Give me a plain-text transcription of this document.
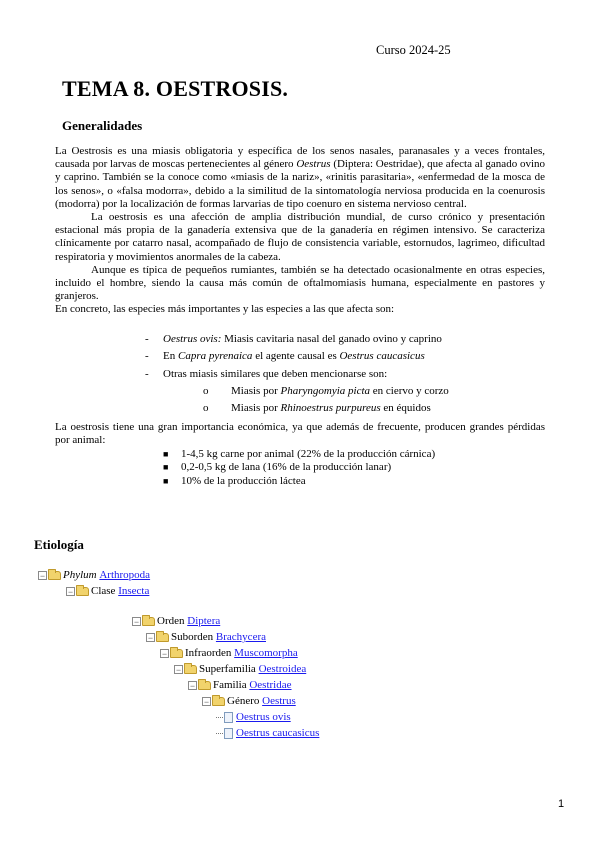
Curso 2024-25
TEMA 8. OESTROSIS.
Generalidades

La Oestrosis es una miasis obligatoria y específica de los senos nasales, paranasales y a veces frontales, causada por larvas de moscas pertenecientes al género Oestrus (Diptera: Oestridae), que afecta al ganado ovino y caprino. También se la conoce como «miasis de la nariz», «rinitis parasitaria», «enfermedad de la mosca de los senos», o «falsa modorra», debido a la similitud de la sintomatología nerviosa producida en la coenurosis (modorra) por la localización de formas larvarias de tipo coenuro en sistema nervioso central.

La oestrosis es una afección de amplia distribución mundial, de curso crónico y presentación estacional más propia de la ganadería extensiva que de la ganadería en régimen intensivo. Se caracteriza clínicamente por catarro nasal, acompañado de flujo de consistencia variable, estornudos, lagrimeo, dificultad respiratoria y movimientos anormales de la cabeza.

Aunque es típica de pequeños rumiantes, también se ha detectado ocasionalmente en otras especies, incluido el hombre, siendo la causa más común de oftalmomiasis humana, especialmente en pastores y granjeros.

En concreto, las especies más importantes y las especies a las que afecta son:

- Oestrus ovis: Miasis cavitaria nasal del ganado ovino y caprino
- En Capra pyrenaica el agente causal es Oestrus caucasicus
- Otras miasis similares que deben mencionarse son:
o Miasis por Pharyngomyia picta en ciervo y corzo
o Miasis por Rhinoestrus purpureus en équidos

La oestrosis tiene una gran importancia económica, ya que además de frecuente, producen grandes pérdidas por animal:

■ 1-4,5 kg carne por animal (22% de la producción cárnica)
■ 0,2-0,5 kg de lana (16% de la producción lanar)
■ 10% de la producción láctea
Etiología
− Phylum Arthropoda
− Clase Insecta
− Orden Diptera
− Suborden Brachycera
− Infraorden Muscomorpha
− Superfamilia Oestroidea
− Familia Oestridae
− Género Oestrus
Oestrus ovis
Oestrus caucasicus
1
